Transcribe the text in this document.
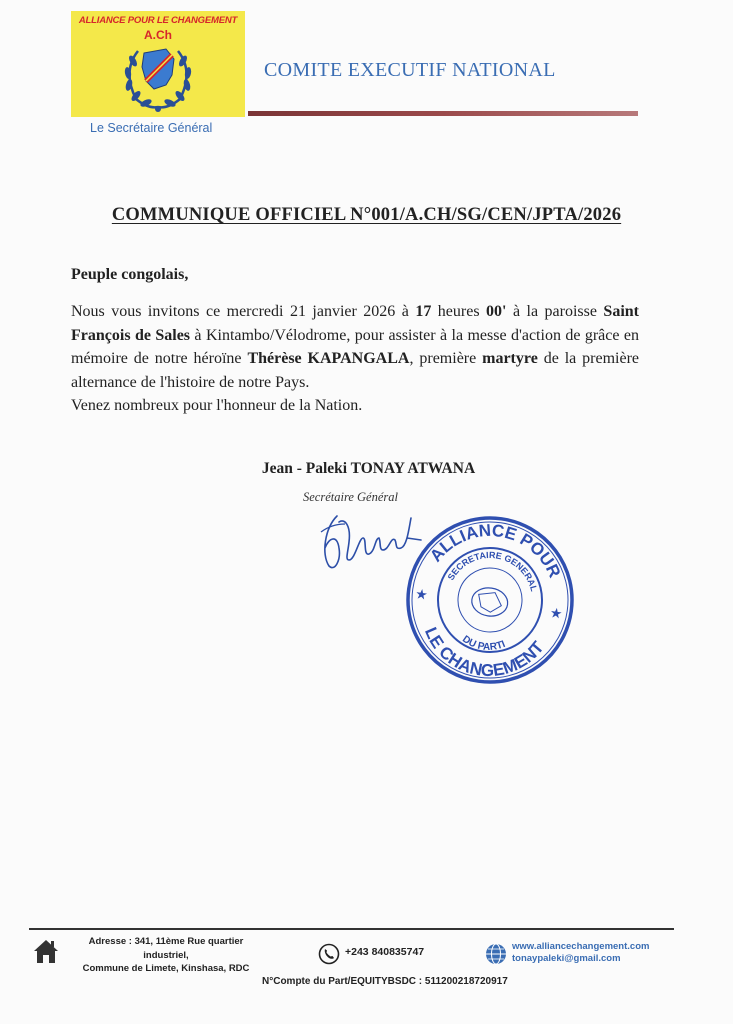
ALLIANCE POUR LE CHANGEMENT
A.Ch
Le Secrétaire Général
COMITE EXECUTIF NATIONAL
COMMUNIQUE OFFICIEL N°001/A.CH/SG/CEN/JPTA/2026
Peuple congolais,
Nous vous invitons ce mercredi 21 janvier 2026 à 17 heures 00' à la paroisse Saint François de Sales à Kintambo/Vélodrome, pour assister à la messe d'action de grâce en mémoire de notre héroïne Thérèse KAPANGALA, première martyre de la première alternance de l'histoire de notre Pays.
Venez nombreux pour l'honneur de la Nation.
Jean - Paleki TONAY ATWANA
Secrétaire Général
ALLIANCE POUR
LE CHANGEMENT
SECRETAIRE GENERAL
DU PARTI
★
★
Adresse : 341, 11ème Rue quartier
industriel,
Commune de Limete, Kinshasa, RDC
+243 840835747	www.alliancechangement.com
tonaypaleki@gmail.com
N°Compte du Part/EQUITYBSDC : 511200218720917
